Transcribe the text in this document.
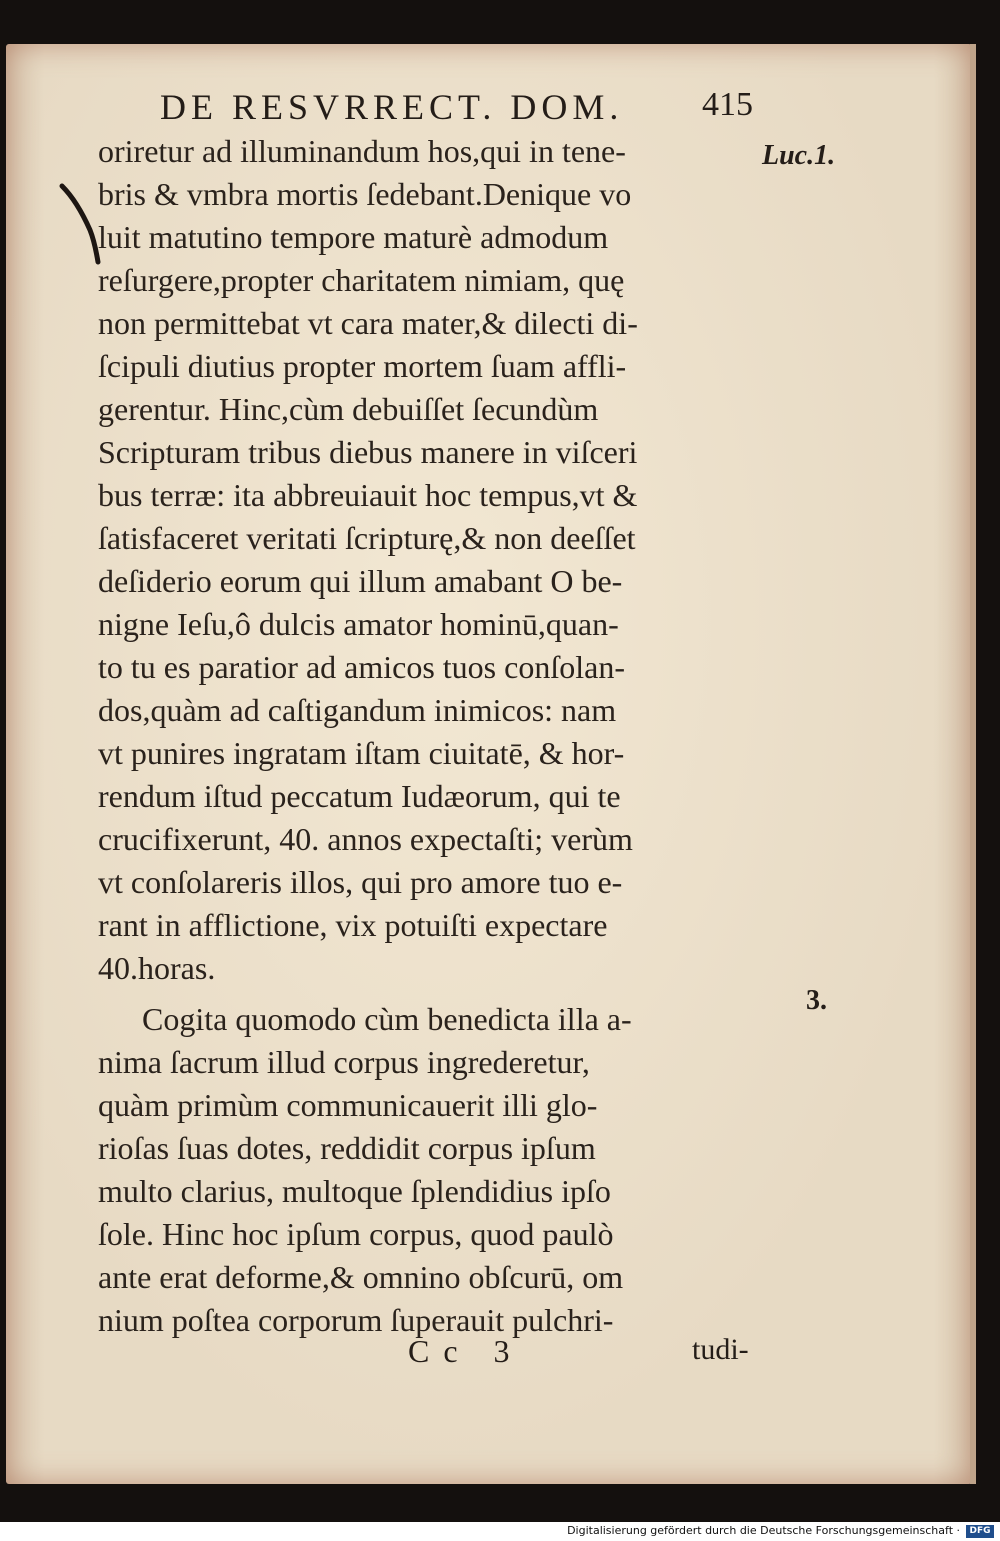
DE RESVRRECT. DOM. 415
Luc.1.
3.
oriretur ad illuminandum hos,qui in tene-
bris & vmbra mortis ſedebant.Denique vo
luit matutino tempore maturè admodum
reſurgere,propter charitatem nimiam, quę
non permittebat vt cara mater,& dilecti di-
ſcipuli diutius propter mortem ſuam affli-
gerentur. Hinc,cùm debuiſſet ſecundùm
Scripturam tribus diebus manere in viſceri
bus terræ: ita abbreuiauit hoc tempus,vt &
ſatisfaceret veritati ſcripturę,& non deeſſet
deſiderio eorum qui illum amabant O be-
nigne Ieſu,ô dulcis amator hominū,quan-
to tu es paratior ad amicos tuos conſolan-
dos,quàm ad caſtigandum inimicos: nam
vt punires ingratam iſtam ciuitatē, & hor-
rendum iſtud peccatum Iudæorum, qui te
crucifixerunt, 40. annos expectaſti; verùm
vt conſolareris illos, qui pro amore tuo e-
rant in afflictione, vix potuiſti expectare
40.horas.
Cogita quomodo cùm benedicta illa a-
nima ſacrum illud corpus ingrederetur,
quàm primùm communicauerit illi glo-
rioſas ſuas dotes, reddidit corpus ipſum
multo clarius, multoque ſplendidius ipſo
ſole. Hinc hoc ipſum corpus, quod paulò
ante erat deforme,& omnino obſcurū, om
nium poſtea corporum ſuperauit pulchri-
Cc 3	tudi-
Digitalisierung gefördert durch die Deutsche Forschungsgemeinschaft ·	DFG
